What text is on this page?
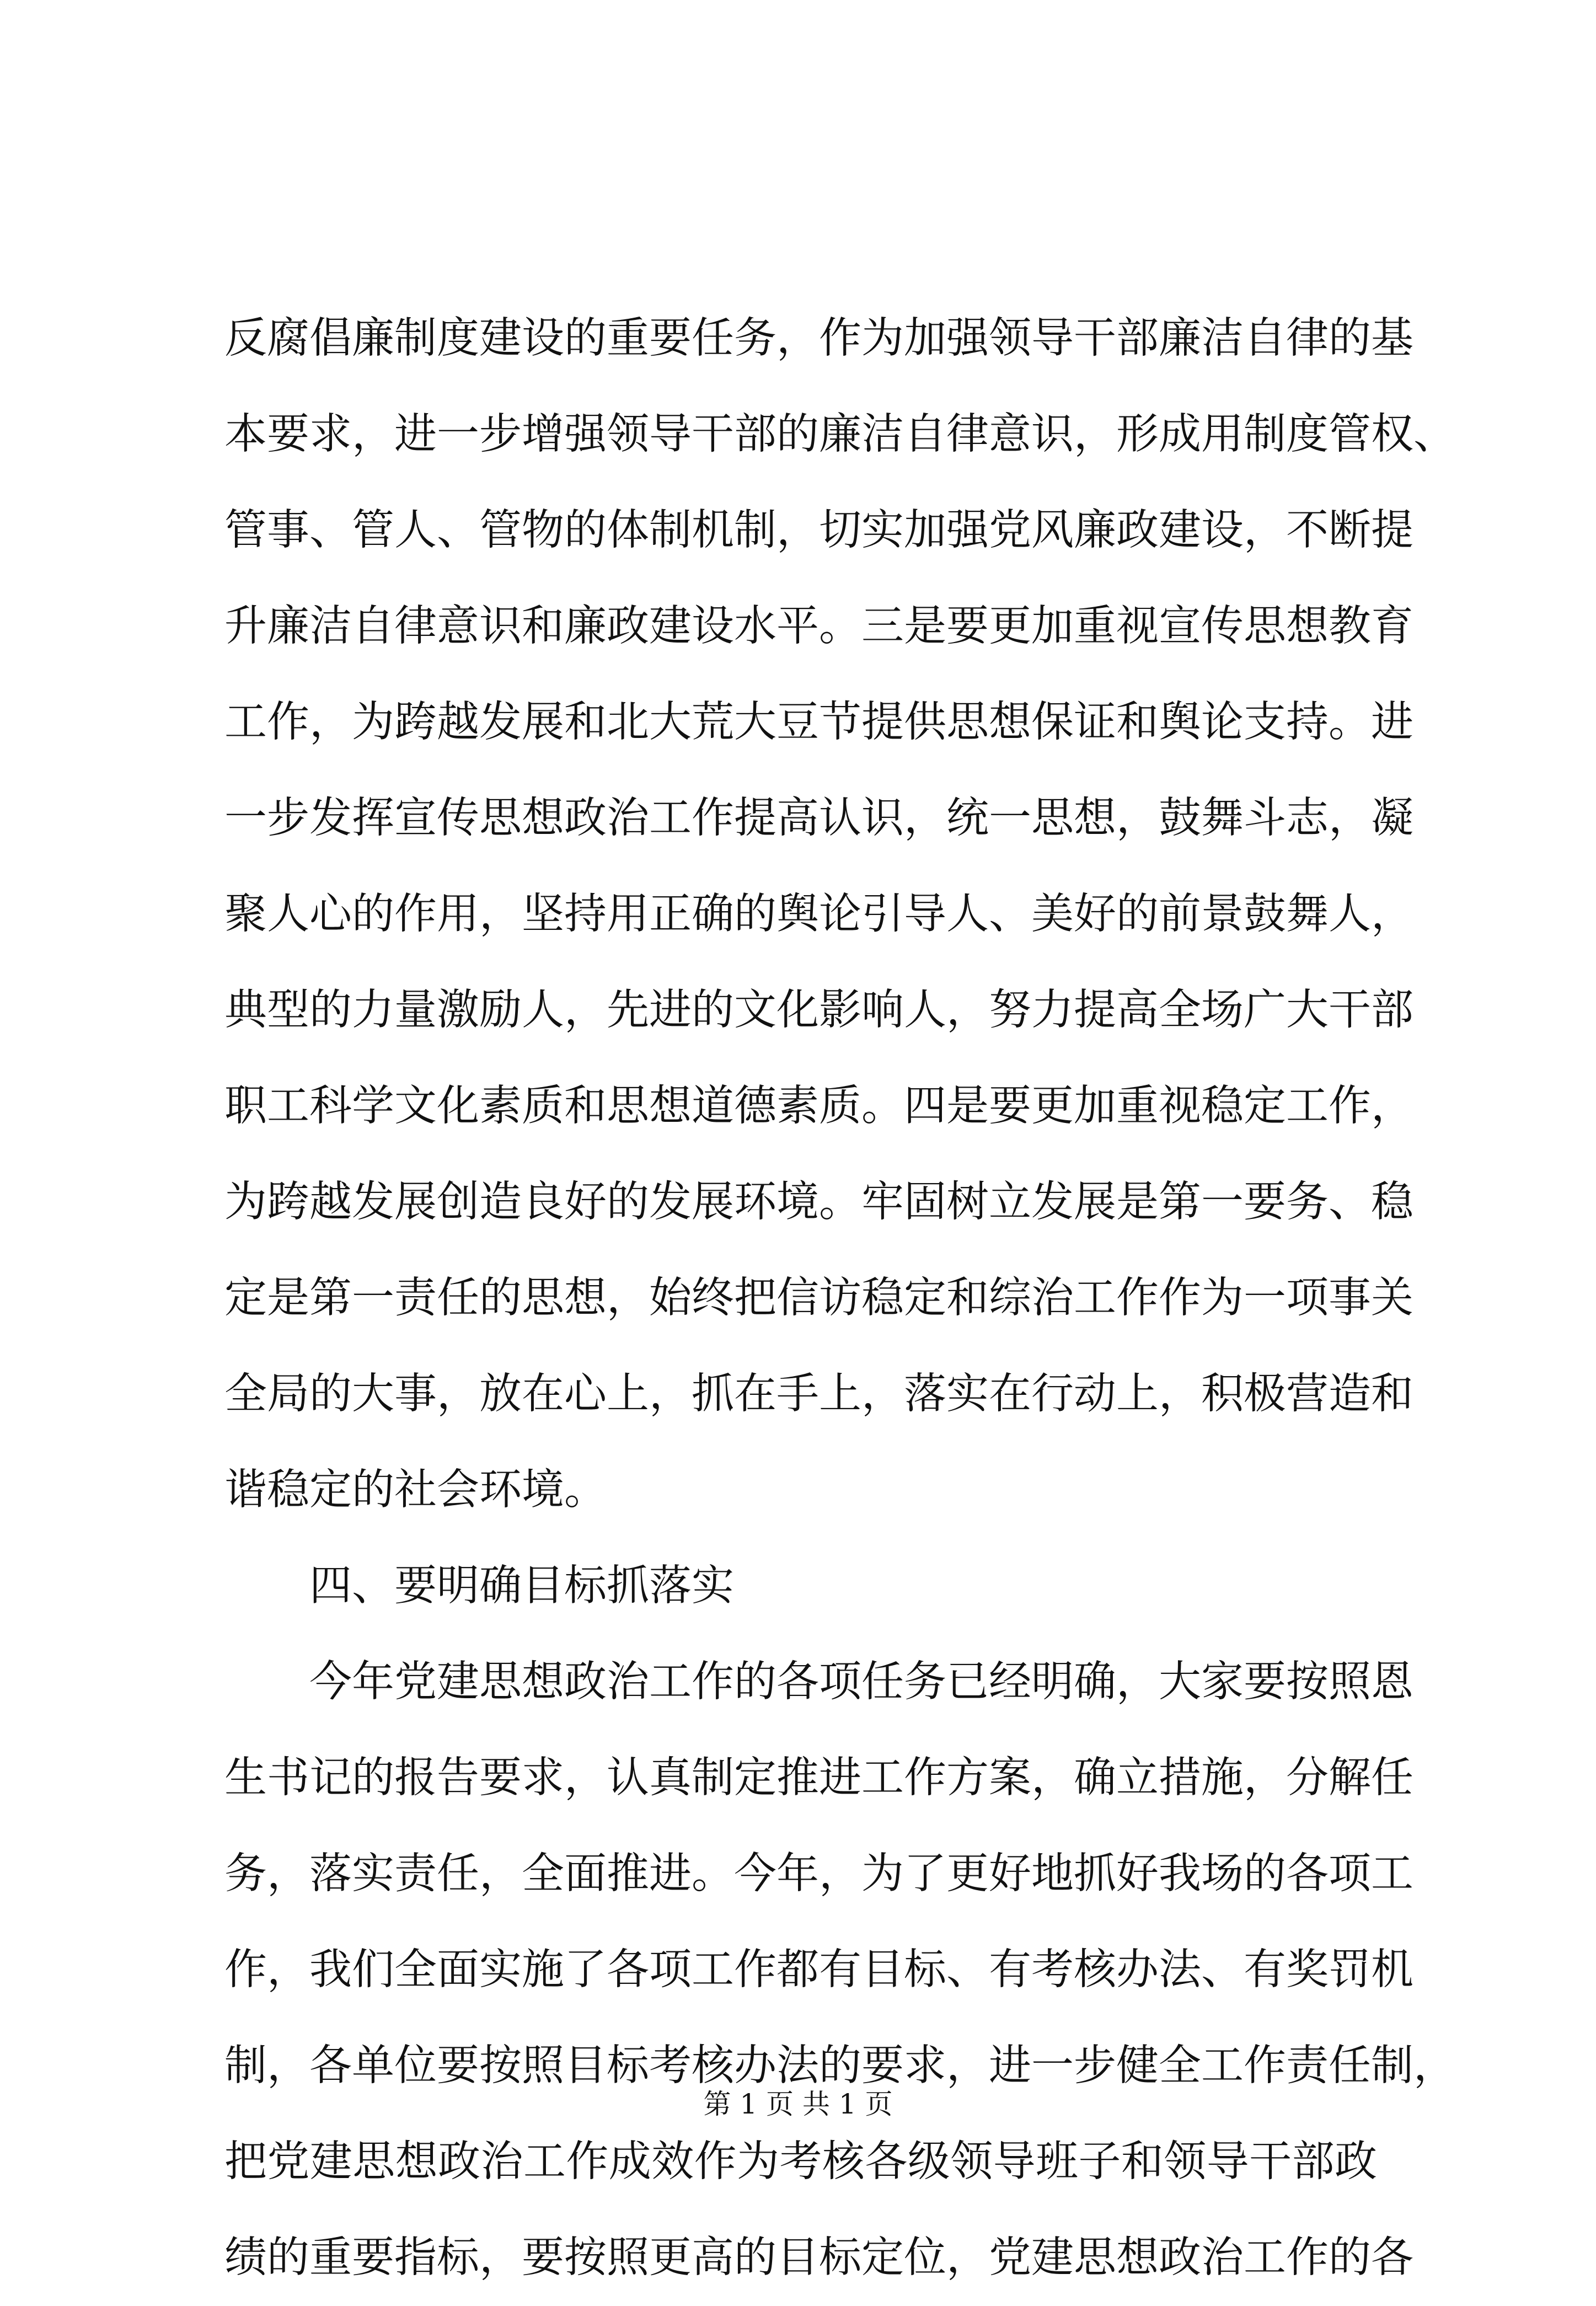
反腐倡廉制度建设的重要任务，作为加强领导干部廉洁自律的基
本要求，进一步增强领导干部的廉洁自律意识，形成用制度管权、
管事、管人、管物的体制机制，切实加强党风廉政建设，不断提
升廉洁自律意识和廉政建设水平。三是要更加重视宣传思想教育
工作，为跨越发展和北大荒大豆节提供思想保证和舆论支持。进
一步发挥宣传思想政治工作提高认识，统一思想，鼓舞斗志，凝
聚人心的作用，坚持用正确的舆论引导人、美好的前景鼓舞人，
典型的力量激励人，先进的文化影响人，努力提高全场广大干部
职工科学文化素质和思想道德素质。四是要更加重视稳定工作，
为跨越发展创造良好的发展环境。牢固树立发展是第一要务、稳
定是第一责任的思想，始终把信访稳定和综治工作作为一项事关
全局的大事，放在心上，抓在手上，落实在行动上，积极营造和
谐稳定的社会环境。
四、要明确目标抓落实
今年党建思想政治工作的各项任务已经明确，大家要按照恩
生书记的报告要求，认真制定推进工作方案，确立措施，分解任
务，落实责任，全面推进。今年，为了更好地抓好我场的各项工
作，我们全面实施了各项工作都有目标、有考核办法、有奖罚机
制，各单位要按照目标考核办法的要求，进一步健全工作责任制，
把党建思想政治工作成效作为考核各级领导班子和领导干部政
绩的重要指标，要按照更高的目标定位，党建思想政治工作的各
第 1 页 共 1 页
